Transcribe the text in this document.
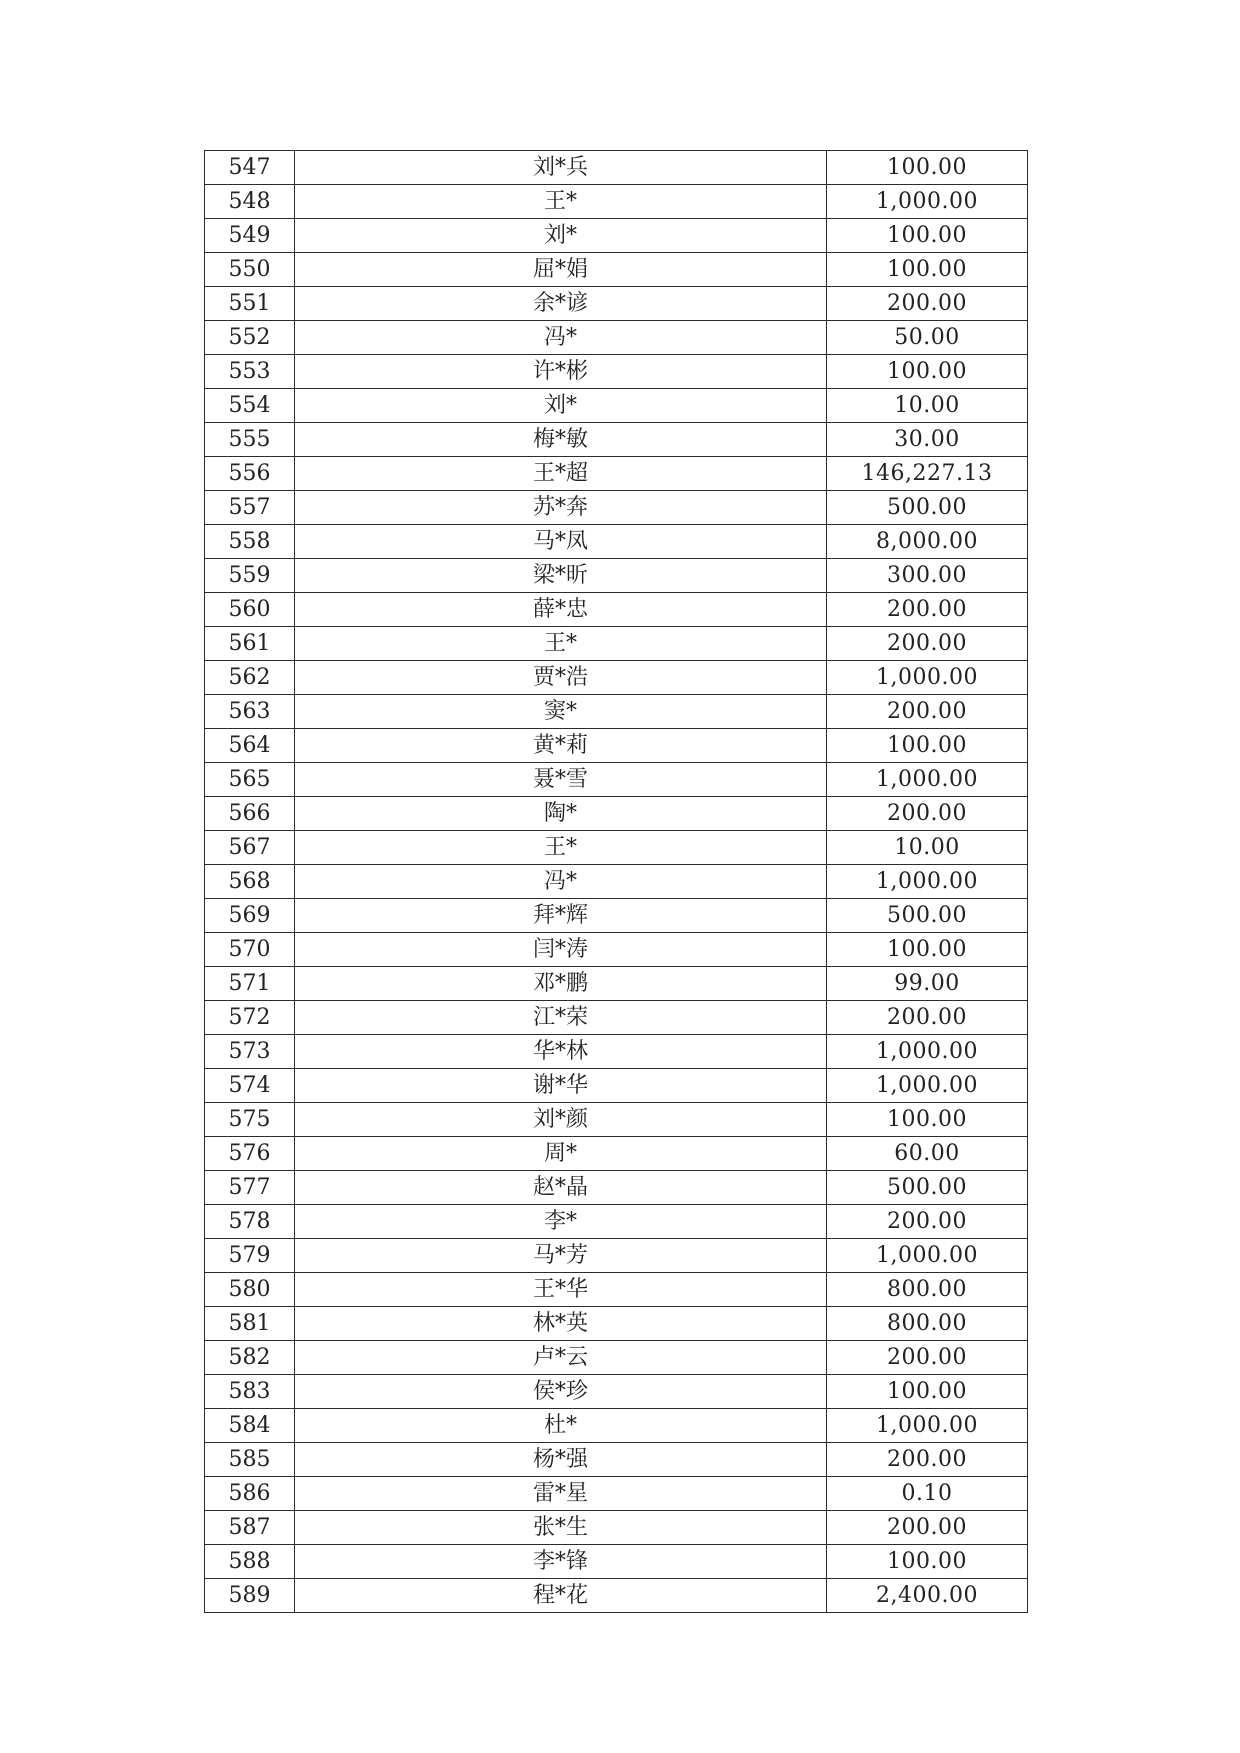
547	刘*兵	100.00
548	王*	1,000.00
549	刘*	100.00
550	屈*娟	100.00
551	余*谚	200.00
552	冯*	50.00
553	许*彬	100.00
554	刘*	10.00
555	梅*敏	30.00
556	王*超	146,227.13
557	苏*奔	500.00
558	马*凤	8,000.00
559	梁*昕	300.00
560	薛*忠	200.00
561	王*	200.00
562	贾*浩	1,000.00
563	窦*	200.00
564	黄*莉	100.00
565	聂*雪	1,000.00
566	陶*	200.00
567	王*	10.00
568	冯*	1,000.00
569	拜*辉	500.00
570	闫*涛	100.00
571	邓*鹏	99.00
572	江*荣	200.00
573	华*林	1,000.00
574	谢*华	1,000.00
575	刘*颜	100.00
576	周*	60.00
577	赵*晶	500.00
578	李*	200.00
579	马*芳	1,000.00
580	王*华	800.00
581	林*英	800.00
582	卢*云	200.00
583	侯*珍	100.00
584	杜*	1,000.00
585	杨*强	200.00
586	雷*星	0.10
587	张*生	200.00
588	李*锋	100.00
589	程*花	2,400.00
